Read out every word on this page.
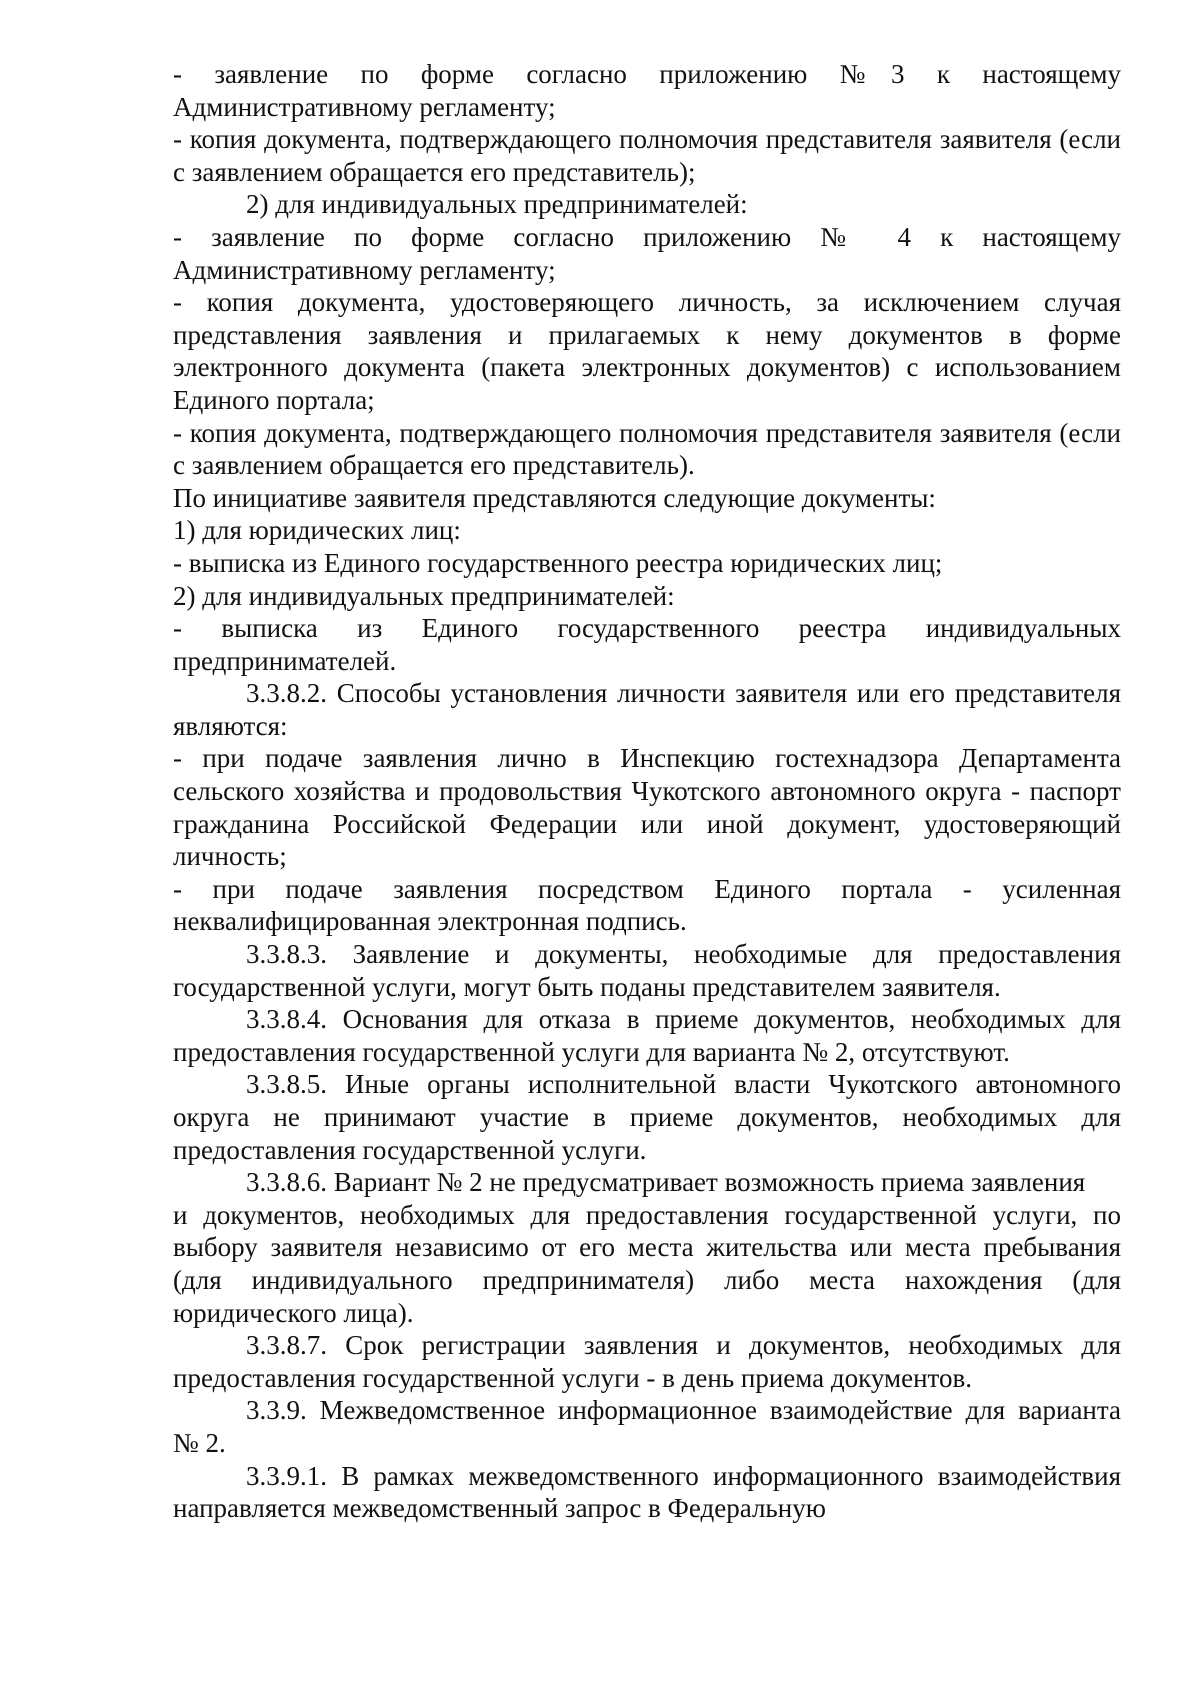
- заявление по форме согласно приложению №3 к настоящему Административному регламенту;

- копия документа, подтверждающего полномочия представителя заявителя (если с заявлением обращается его представитель);

2) для индивидуальных предпринимателей:

- заявление по форме согласно приложению № 4 к настоящему Административному регламенту;

- копия документа, удостоверяющего личность, за исключением случая представления заявления и прилагаемых к нему документов в форме электронного документа (пакета электронных документов) с использованием Единого портала;

- копия документа, подтверждающего полномочия представителя заявителя (если с заявлением обращается его представитель).

По инициативе заявителя представляются следующие документы:

1) для юридических лиц:

- выписка из Единого государственного реестра юридических лиц;

2) для индивидуальных предпринимателей:

- выписка из Единого государственного реестра индивидуальных предпринимателей.

3.3.8.2. Способы установления личности заявителя или его представителя являются:

- при подаче заявления лично в Инспекцию гостехнадзора Департамента сельского хозяйства и продовольствия Чукотского автономного округа - паспорт гражданина Российской Федерации или иной документ, удостоверяющий личность;

- при подаче заявления посредством Единого портала - усиленная неквалифицированная электронная подпись.

3.3.8.3. Заявление и документы, необходимые для предоставления государственной услуги, могут быть поданы представителем заявителя.

3.3.8.4. Основания для отказа в приеме документов, необходимых для предоставления государственной услуги для варианта № 2, отсутствуют.

3.3.8.5. Иные органы исполнительной власти Чукотского автономного округа не принимают участие в приеме документов, необходимых для предоставления государственной услуги.

3.3.8.6. Вариант № 2 не предусматривает возможность приема заявления

и документов, необходимых для предоставления государственной услуги, по выбору заявителя независимо от его места жительства или места пребывания (для индивидуального предпринимателя) либо места нахождения (для юридического лица).

3.3.8.7. Срок регистрации заявления и документов, необходимых для предоставления государственной услуги - в день приема документов.

3.3.9. Межведомственное информационное взаимодействие для варианта № 2.

3.3.9.1. В рамках межведомственного информационного взаимодействия направляется межведомственный запрос в Федеральную
